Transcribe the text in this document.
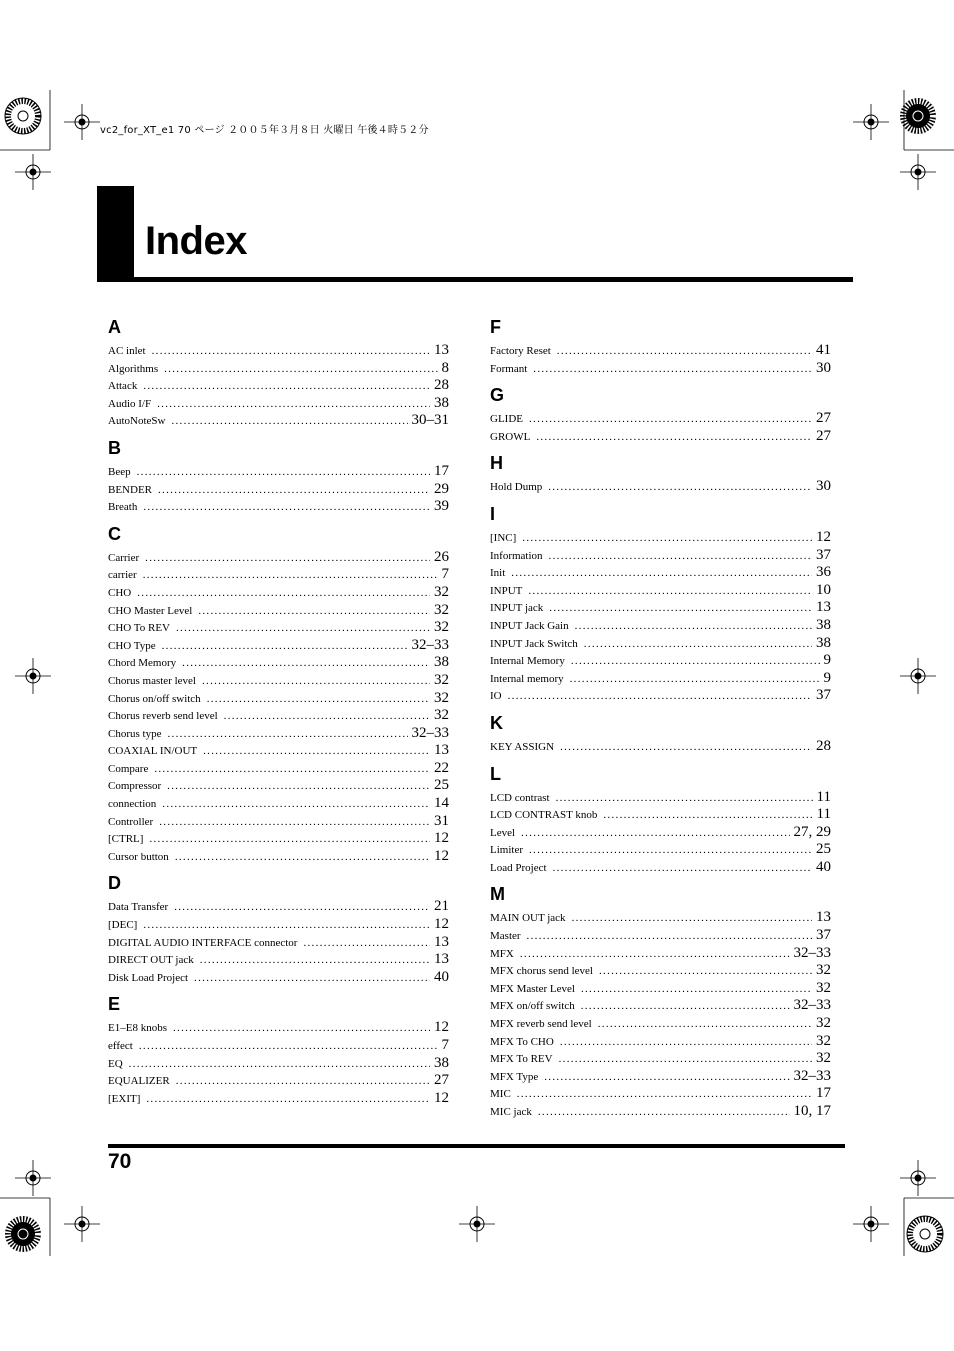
vc2_for_XT_e1 70 ページ ２００５年３月８日 火曜日 午後４時５２分
Index
A
AC inlet .....	13
Algorithms .....	8
Attack .....	28
Audio I/F .....	38
AutoNoteSw .....	30–31
B
Beep .....	17
BENDER .....	29
Breath .....	39
C
Carrier .....	26
carrier .....	7
CHO .....	32
CHO Master Level .....	32
CHO To REV .....	32
CHO Type .....	32–33
Chord Memory .....	38
Chorus master level .....	32
Chorus on/off switch .....	32
Chorus reverb send level .....	32
Chorus type .....	32–33
COAXIAL IN/OUT .....	13
Compare .....	22
Compressor .....	25
connection .....	14
Controller .....	31
[CTRL] .....	12
Cursor button .....	12
D
Data Transfer .....	21
[DEC] .....	12
DIGITAL AUDIO INTERFACE connector .....	13
DIRECT OUT jack .....	13
Disk Load Project .....	40
E
E1–E8 knobs .....	12
effect .....	7
EQ .....	38
EQUALIZER .....	27
[EXIT] .....	12
F
Factory Reset .....	41
Formant .....	30
G
GLIDE .....	27
GROWL .....	27
H
Hold Dump .....	30
I
[INC] .....	12
Information .....	37
Init .....	36
INPUT .....	10
INPUT jack .....	13
INPUT Jack Gain .....	38
INPUT Jack Switch .....	38
Internal Memory .....	9
Internal memory .....	9
IO .....	37
K
KEY ASSIGN .....	28
L
LCD contrast .....	11
LCD CONTRAST knob .....	11
Level .....	27, 29
Limiter .....	25
Load Project .....	40
M
MAIN OUT jack .....	13
Master .....	37
MFX .....	32–33
MFX chorus send level .....	32
MFX Master Level .....	32
MFX on/off switch .....	32–33
MFX reverb send level .....	32
MFX To CHO .....	32
MFX To REV .....	32
MFX Type .....	32–33
MIC .....	17
MIC jack .....	10, 17
70
